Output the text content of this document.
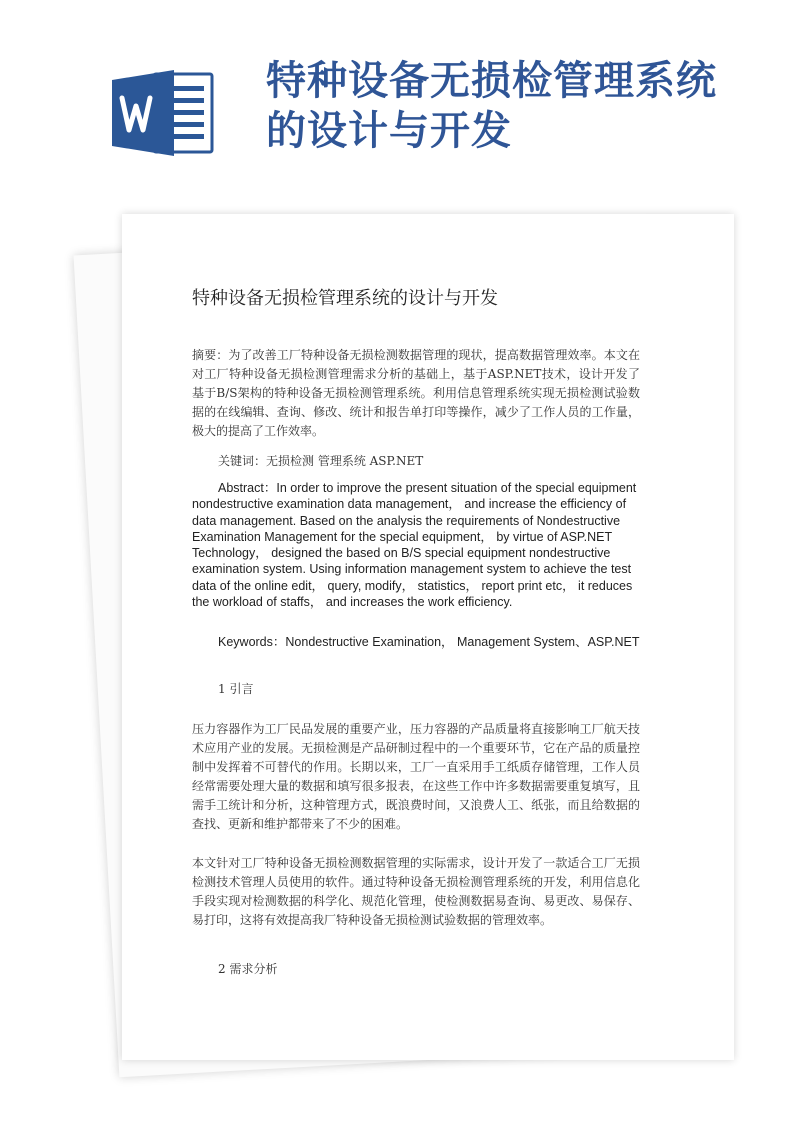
特种设备无损检管理系统的设计与开发
特种设备无损检管理系统的设计与开发

摘要：为了改善工厂特种设备无损检测数据管理的现状，提高数据管理效率。本文在对工厂特种设备无损检测管理需求分析的基础上，基于ASP.NET技术，设计开发了基于B/S架构的特种设备无损检测管理系统。利用信息管理系统实现无损检测试验数据的在线编辑、查询、修改、统计和报告单打印等操作，减少了工作人员的工作量，极大的提高了工作效率。

关键词：无损检测 管理系统 ASP.NET

Abstract：In order to improve the present situation of the special equipment nondestructive examination data management， and increase the efficiency of data management. Based on the analysis the requirements of Nondestructive Examination Management for the special equipment， by virtue of ASP.NET Technology， designed the based on B/S special equipment nondestructive examination system. Using information management system to achieve the test data of the online edit， query, modify， statistics， report print etc， it reduces the workload of staffs， and increases the work efficiency.

Keywords：Nondestructive Examination， Management System、ASP.NET

1 引言

压力容器作为工厂民品发展的重要产业，压力容器的产品质量将直接影响工厂航天技术应用产业的发展。无损检测是产品研制过程中的一个重要环节，它在产品的质量控制中发挥着不可替代的作用。长期以来，工厂一直采用手工纸质存储管理，工作人员经常需要处理大量的数据和填写很多报表，在这些工作中许多数据需要重复填写，且需手工统计和分析，这种管理方式，既浪费时间，又浪费人工、纸张，而且给数据的查找、更新和维护都带来了不少的困难。

本文针对工厂特种设备无损检测数据管理的实际需求，设计开发了一款适合工厂无损检测技术管理人员使用的软件。通过特种设备无损检测管理系统的开发，利用信息化手段实现对检测数据的科学化、规范化管理，使检测数据易查询、易更改、易保存、易打印，这将有效提高我厂特种设备无损检测试验数据的管理效率。

2 需求分析
